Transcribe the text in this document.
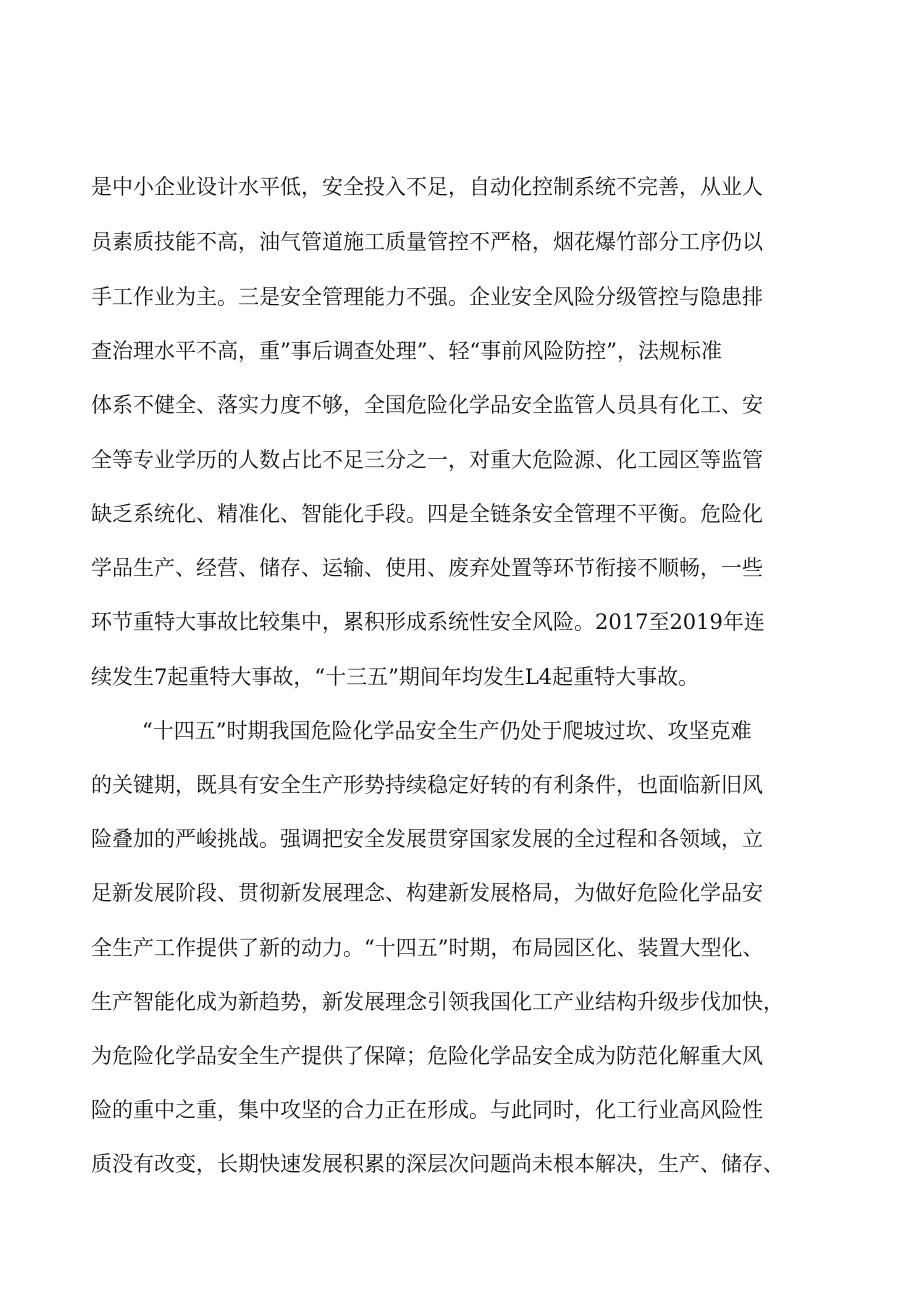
是中小企业设计水平低，安全投入不足，自动化控制系统不完善，从业人
员素质技能不高，油气管道施工质量管控不严格，烟花爆竹部分工序仍以
手工作业为主。三是安全管理能力不强。企业安全风险分级管控与隐患排
查治理水平不高，重”事后调查处理”、轻“事前风险防控”，法规标准
体系不健全、落实力度不够，全国危险化学品安全监管人员具有化工、安
全等专业学历的人数占比不足三分之一，对重大危险源、化工园区等监管
缺乏系统化、精准化、智能化手段。四是全链条安全管理不平衡。危险化
学品生产、经营、储存、运输、使用、废弃处置等环节衔接不顺畅，一些
环节重特大事故比较集中，累积形成系统性安全风险。2017至2019年连
续发生7起重特大事故，“十三五”期间年均发生L4起重特大事故。
“十四五”时期我国危险化学品安全生产仍处于爬坡过坎、攻坚克难
的关键期，既具有安全生产形势持续稳定好转的有利条件，也面临新旧风
险叠加的严峻挑战。强调把安全发展贯穿国家发展的全过程和各领域，立
足新发展阶段、贯彻新发展理念、构建新发展格局，为做好危险化学品安
全生产工作提供了新的动力。“十四五”时期，布局园区化、装置大型化、
生产智能化成为新趋势，新发展理念引领我国化工产业结构升级步伐加快，
为危险化学品安全生产提供了保障；危险化学品安全成为防范化解重大风
险的重中之重，集中攻坚的合力正在形成。与此同时，化工行业高风险性
质没有改变，长期快速发展积累的深层次问题尚未根本解决，生产、储存、
